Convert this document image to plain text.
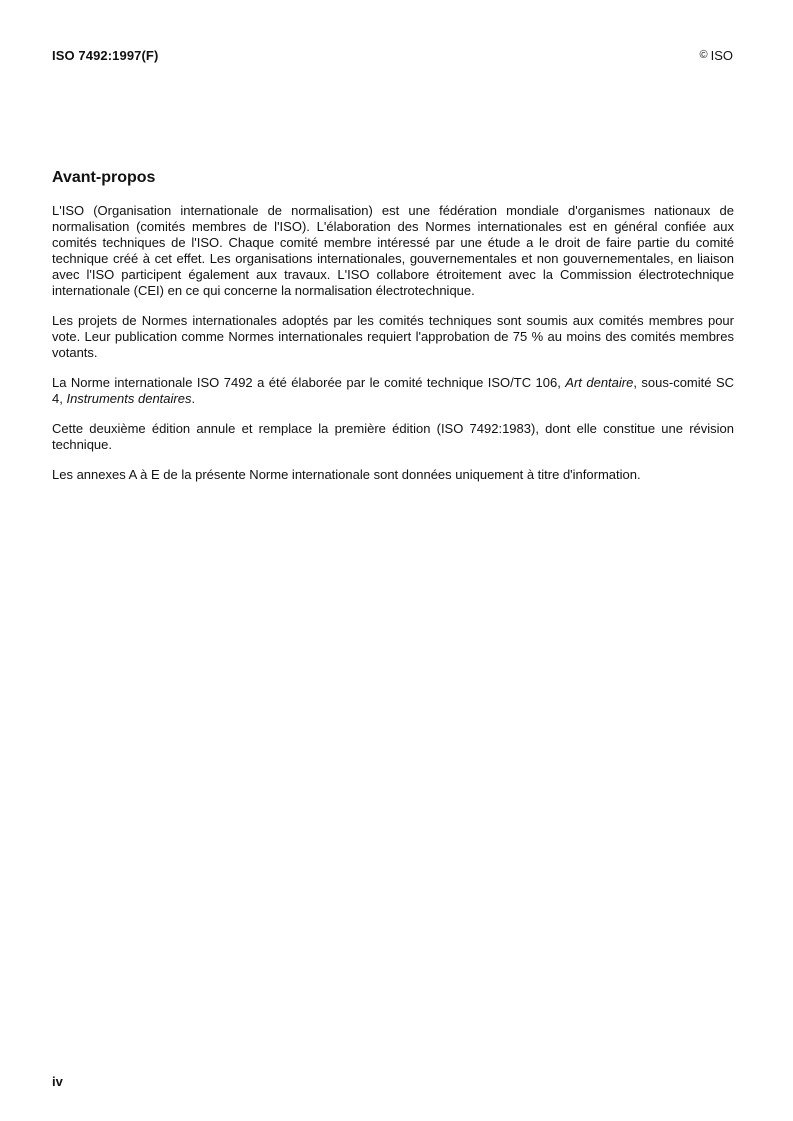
ISO 7492:1997(F)	© ISO
Avant-propos

L'ISO (Organisation internationale de normalisation) est une fédération mondiale d'organismes nationaux de normalisation (comités membres de l'ISO). L'élaboration des Normes internationales est en général confiée aux comités techniques de l'ISO. Chaque comité membre intéressé par une étude a le droit de faire partie du comité technique créé à cet effet. Les organisations internationales, gouvernementales et non gouvernementales, en liaison avec l'ISO participent également aux travaux. L'ISO collabore étroitement avec la Commission électrotechnique internationale (CEI) en ce qui concerne la normalisation électrotechnique.

Les projets de Normes internationales adoptés par les comités techniques sont soumis aux comités membres pour vote. Leur publication comme Normes internationales requiert l'approbation de 75 % au moins des comités membres votants.

La Norme internationale ISO 7492 a été élaborée par le comité technique ISO/TC 106, Art dentaire, sous-comité SC 4, Instruments dentaires.

Cette deuxième édition annule et remplace la première édition (ISO 7492:1983), dont elle constitue une révision technique.

Les annexes A à E de la présente Norme internationale sont données uniquement à titre d'information.

iv
